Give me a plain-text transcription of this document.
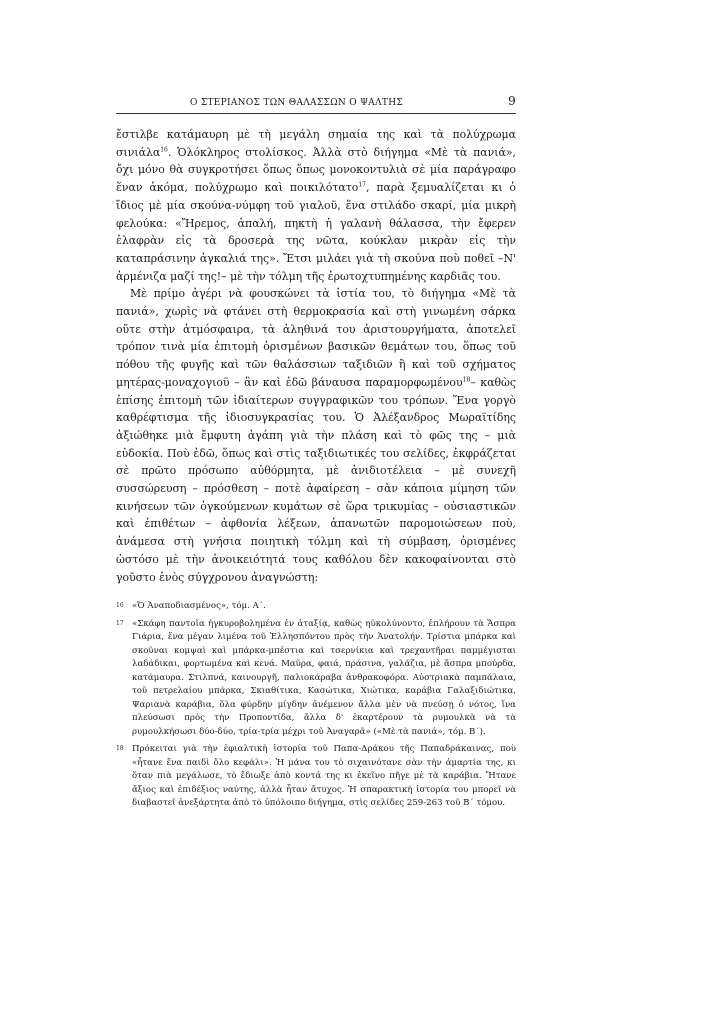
Ο ΣΤΕΡΙΑΝΟΣ ΤΩΝ ΘΑΛΑΣΣΩΝ Ο ΨΑΛΤΗΣ	9

ἔστιλβε κατάμαυρη μὲ τὴ μεγάλη σημαία της καὶ τὰ πολύχρωμα σινιάλα$^{16}$. Ὁλόκληρος στολίσκος. Ἀλλὰ στὸ διήγημα «Μὲ τὰ πανιά», ὄχι μόνο θὰ συγκροτήσει ὅπως ὅπως μονοκοντυλιὰ σὲ μία παράγραφο ἕναν ἀκόμα, πολύχρωμο καὶ ποικιλότατο$^{17}$, παρὰ ξεμυαλίζεται κι ὁ ἴδιος μὲ μία σκούνα-νύμφη τοῦ γιαλοῦ, ἕνα στιλάδο σκαρί, μία μικρὴ φελούκα: «Ἤρεμος, ἁπαλή, πηκτὴ ἡ γαλανὴ θάλασσα, τὴν ἔφερεν ἐλαφρὰν εἰς τὰ δροσερὰ της νῶτα, κούκλαν μικρὰν εἰς τὴν καταπράσινην ἀγκαλιά της». Ἔτσι μιλάει γιὰ τὴ σκούνα ποὺ ποθεῖ –Ν' ἀρμένιζα μαζί της!– μὲ τὴν τόλμη τῆς ἐρωτοχτυπημένης καρδιᾶς του.

Μὲ πρίμο ἀγέρι νὰ φουσκώνει τὰ ἱστία του, τὸ διήγημα «Μὲ τὰ πανιά», χωρὶς νὰ φτάνει στὴ θερμοκρασία καὶ στὴ γινωμένη σάρκα οὔτε στὴν ἀτμόσφαιρα, τὰ ἀληθινά του ἀριστουργήματα, ἀποτελεῖ τρόπον τινὰ μία ἐπιτομὴ ὁρισμένων βασικῶν θεμάτων του, ὅπως τοῦ πόθου τῆς φυγῆς καὶ τῶν θαλάσσιων ταξιδιῶν ἢ καὶ τοῦ σχήματος μητέρας-μοναχογιοῦ – ἂν καὶ ἐδῶ βάναυσα παραμορφωμένου$^{18}$– καθὼς ἐπίσης ἐπιτομὴ τῶν ἰδιαίτερων συγγραφικῶν του τρόπων. Ἕνα γοργὸ καθρέφτισμα τῆς ἰδιοσυγκρασίας του. Ὁ Ἀλέξανδρος Μωραϊτίδης ἀξιώθηκε μιὰ ἔμφυτη ἀγάπη γιὰ τὴν πλάση καὶ τὸ φῶς της – μιὰ εὐδοκία. Ποὺ ἐδῶ, ὅπως καὶ στὶς ταξιδιωτικές του σελίδες, ἐκφράζεται σὲ πρῶτο πρόσωπο αὐθόρμητα, μὲ ἀνιδιοτέλεια – μὲ συνεχῆ συσσώρευση – πρόσθεση – ποτὲ ἀφαίρεση – σὰν κάποια μίμηση τῶν κινήσεων τῶν ὀγκούμενων κυμάτων σὲ ὥρα τρικυμίας – οὐσιαστικῶν καὶ ἐπιθέτων – ἀφθονία λέξεων, ἀπανωτῶν παρομοιώσεων ποὺ, ἀνάμεσα στὴ γνήσια ποιητικὴ τόλμη καὶ τὴ σύμβαση, ὁρισμένες ὡστόσο μὲ τὴν ἀνοικειότητά τους καθόλου δὲν κακοφαίνονται στὸ γοῦστο ἑνὸς σύγχρονου ἀναγνώστη:

16 «Ὁ Ἀναποδιασμένος», τόμ. Α΄.
17 «Σκάφη παντοῖα ἠγκυροβολημένα ἐν ἀταξίᾳ, καθὼς ηὐκολύνοντο, ἐπλήρουν τὰ Ἄσπρα Γιάρια, ἕνα μέγαν λιμένα τοῦ Ἑλλησπόντου πρὸς τὴν Ἀνατολήν. Τρίστια μπάρκα καὶ σκοῦναι κομψαὶ καὶ μπάρκα-μπέστια καὶ τσερνίκια καὶ τρεχαντῆραι παμμέγισται λαδάδικαι, φορτωμένα καὶ κενά. Μαῦρα, φαιά, πράσινα, γαλάζια, μὲ ἄσπρα μπούρδα, κατάμαυρα. Στιλπνά, καινουργῆ, παλιοκάραβα ἀνθρακοφόρα. Αὐστριακὰ παμπάλαια, τοῦ πετρελαίου μπάρκα, Σκιαθίτικα, Κασώτικα, Χιώτικα, καράβια Γαλαξιδιώτικα, Ψαριανὰ καράβια, ὅλα φύρδην μίγδην ἀνέμενον ἄλλα μὲν νὰ πνεύσῃ ὁ νότος, ἵνα πλεύσωσι πρὸς τὴν Προποντίδα, ἄλλα δ' ἐκαρτέρουν τὰ ρυμουλκὰ νὰ τὰ ρυμουλκήσωσι δύο-δύο, τρία-τρία μέχρι τοῦ Ἀναγαρᾶ» («Μὲ τὰ πανιά», τόμ. Β΄).
18 Πρόκειται γιὰ τὴν ἐφιαλτικὴ ἱστορία τοῦ Παπα-Δράκου τῆς Παπαδράκαινας, ποὺ «ἦτανε ἕνα παιδὶ ὅλο κεφάλι». Ἡ μάνα του τὸ σιχαινότανε σὰν τὴν ἁμαρτία της, κι ὅταν πιὰ μεγάλωσε, τὸ ἔδιωξε ἀπὸ κοντά της κι ἐκεῖνο πῆγε μὲ τὰ καράβια. Ἤτανε ἄξιος καὶ ἐπιδέξιος ναύτης, ἀλλὰ ἦταν ἄτυχος. Ἡ σπαρακτικὴ ἱστορία του μπορεῖ νὰ διαβαστεῖ ἀνεξάρτητα ἀπὸ τὸ ὑπόλοιπο διήγημα, στὶς σελίδες 259-263 τοῦ Β΄ τόμου.
